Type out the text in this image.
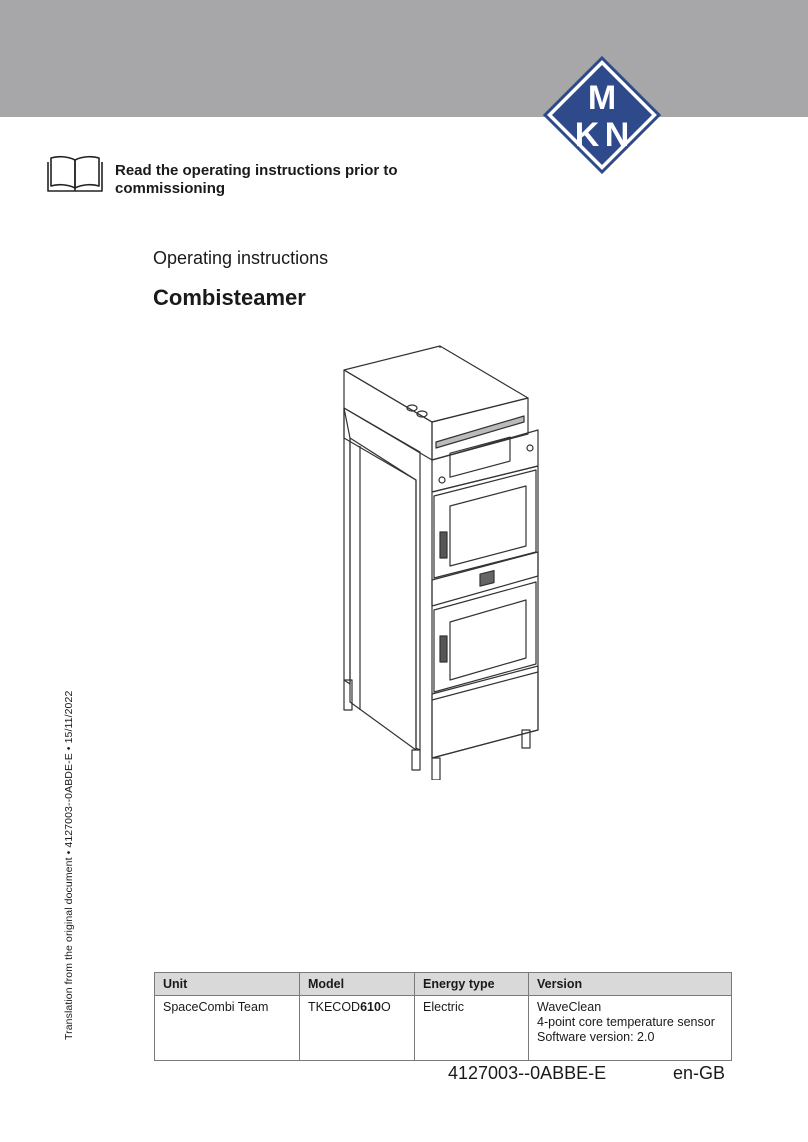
M
K N
Read the operating instructions prior to commissioning
Operating instructions
Combisteamer
Translation from the original document • 4127003--0ABDE-E • 15/11/2022	Unit	Model	Energy type	Version
SpaceCombi Team	TKECOD610O	Electric	WaveClean
4-point core temperature sensor
Software version: 2.0
4127003--0ABBE-E	en-GB
